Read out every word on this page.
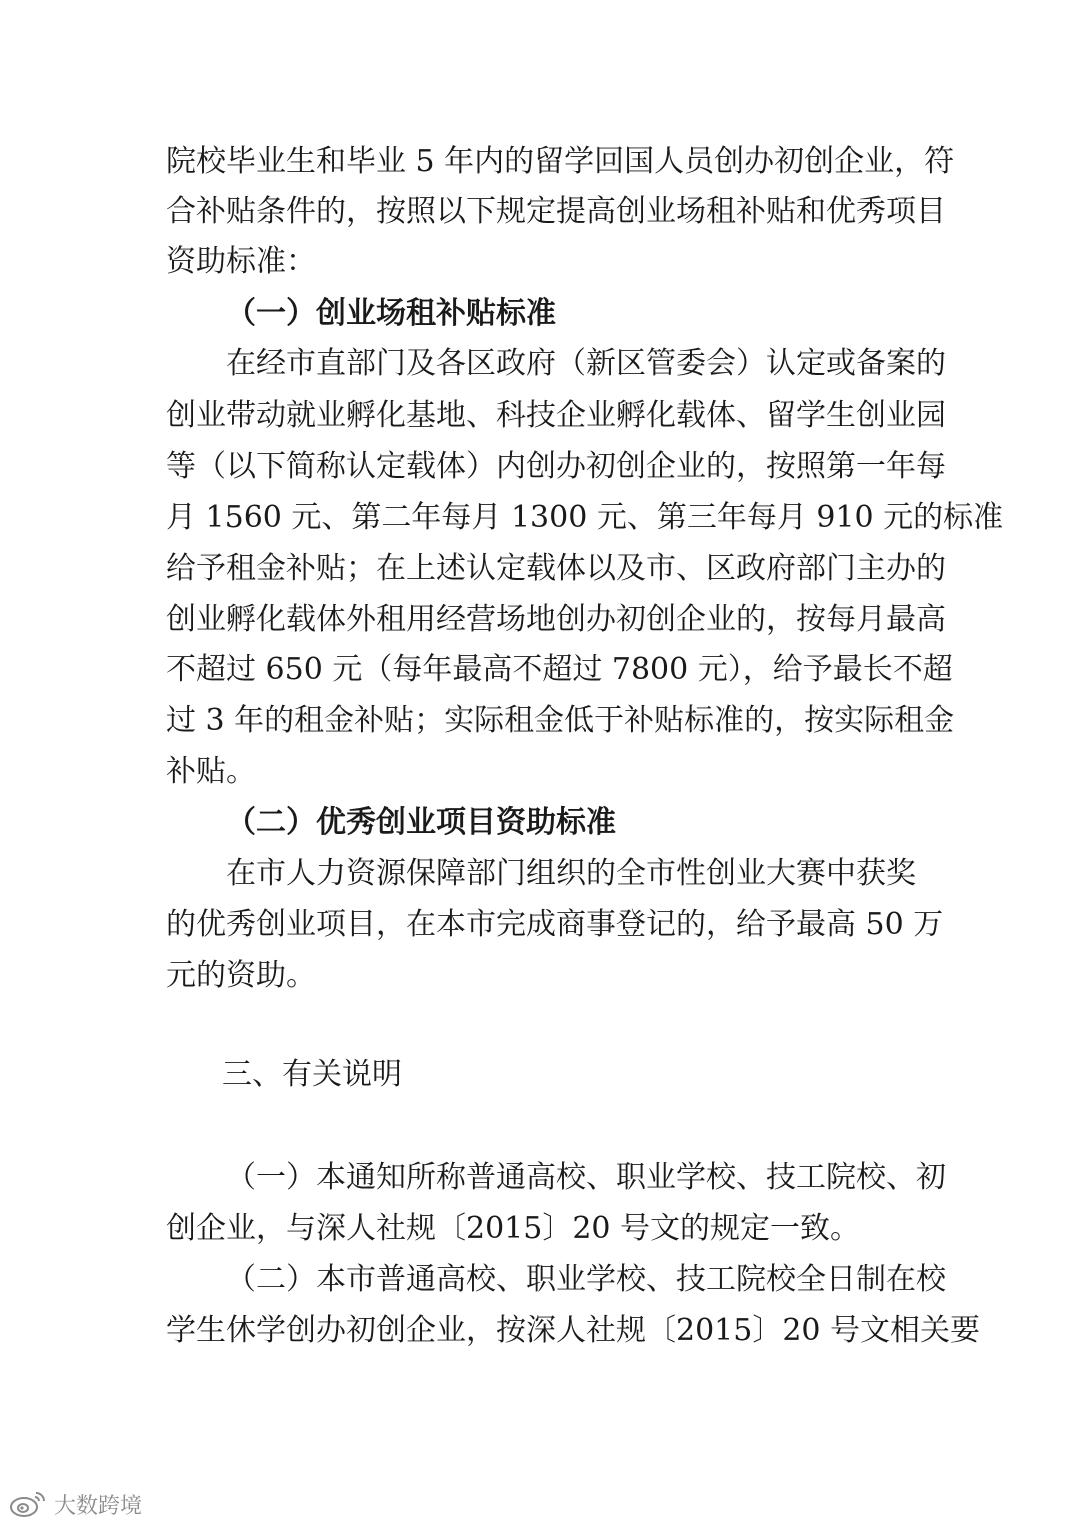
院校毕业生和毕业 5 年内的留学回国人员创办初创企业，符
合补贴条件的，按照以下规定提高创业场租补贴和优秀项目
资助标准：
（一）创业场租补贴标准
在经市直部门及各区政府（新区管委会）认定或备案的
创业带动就业孵化基地、科技企业孵化载体、留学生创业园
等（以下简称认定载体）内创办初创企业的，按照第一年每
月 1560 元、第二年每月 1300 元、第三年每月 910 元的标准
给予租金补贴；在上述认定载体以及市、区政府部门主办的
创业孵化载体外租用经营场地创办初创企业的，按每月最高
不超过 650 元（每年最高不超过 7800 元），给予最长不超
过 3 年的租金补贴；实际租金低于补贴标准的，按实际租金
补贴。
（二）优秀创业项目资助标准
在市人力资源保障部门组织的全市性创业大赛中获奖
的优秀创业项目，在本市完成商事登记的，给予最高 50 万
元的资助。
三、有关说明
（一）本通知所称普通高校、职业学校、技工院校、初
创企业，与深人社规〔2015〕20 号文的规定一致。
（二）本市普通高校、职业学校、技工院校全日制在校
学生休学创办初创企业，按深人社规〔2015〕20 号文相关要
大数跨境
